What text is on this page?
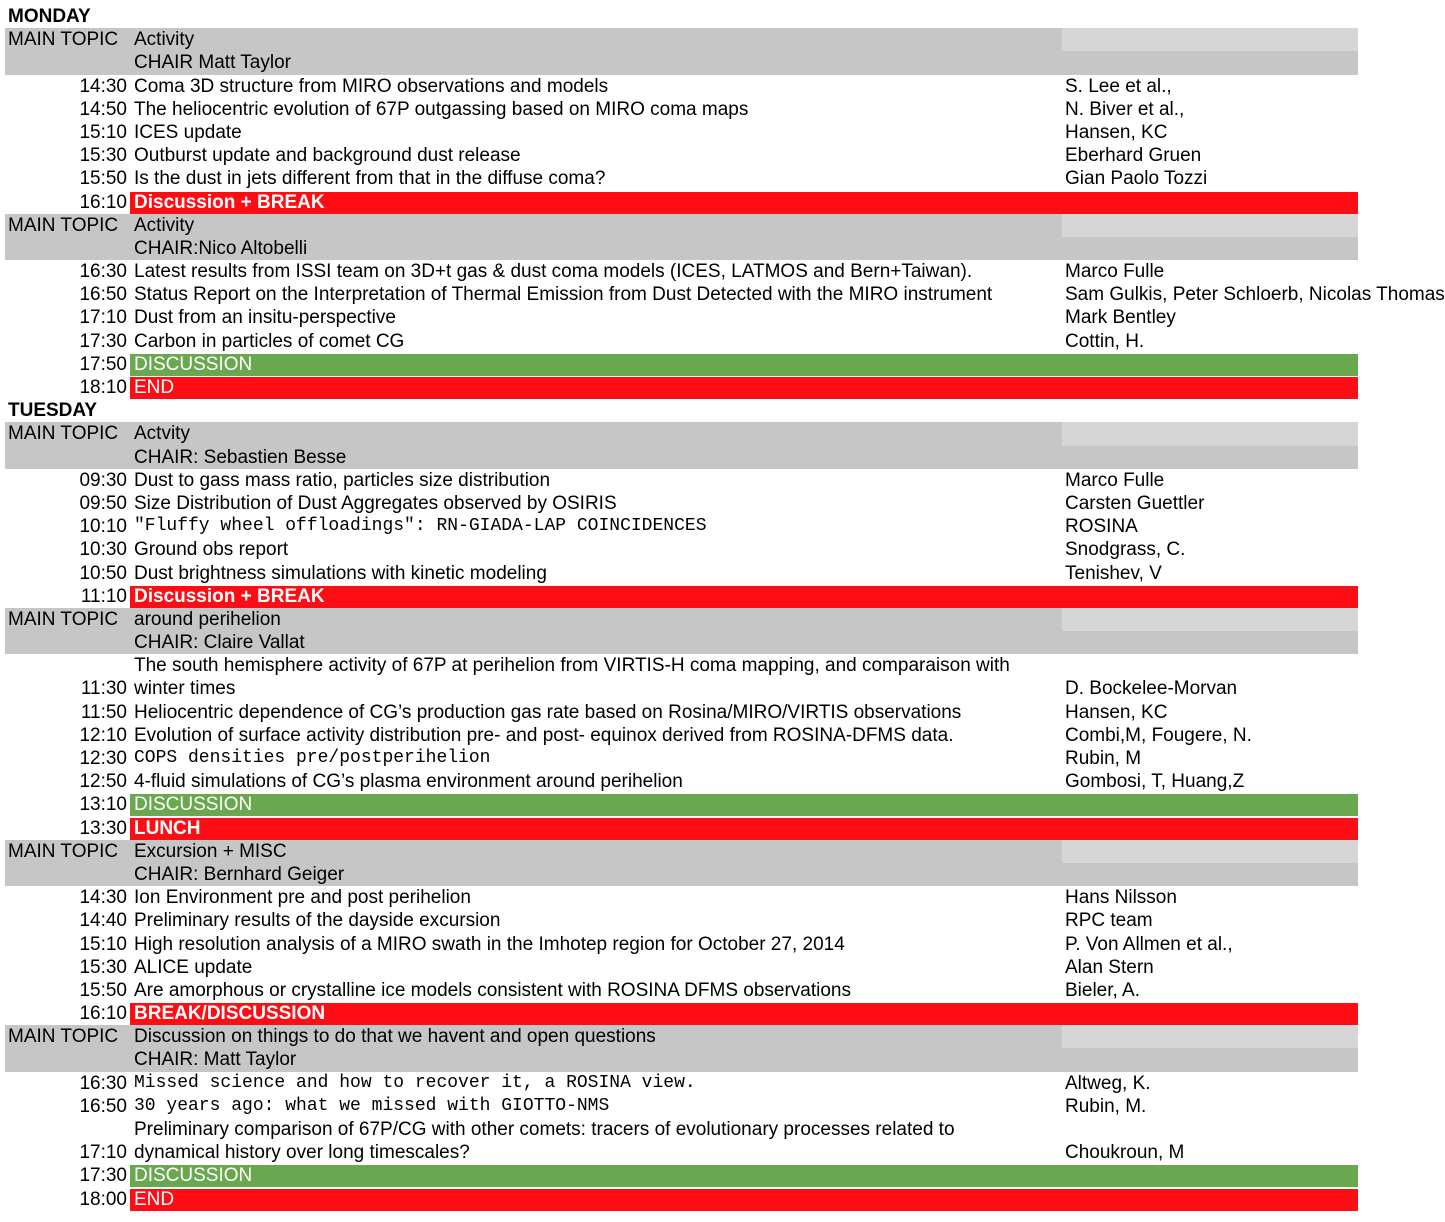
MONDAY
MAIN TOPIC Activity
CHAIR Matt Taylor
14:30 Coma 3D structure from MIRO observations and models	S. Lee et al.,
14:50 The heliocentric evolution of 67P outgassing based on MIRO coma maps	N. Biver et al.,
15:10 ICES update	Hansen, KC
15:30 Outburst update and background dust release	Eberhard Gruen
15:50 Is the dust in jets different from that in the diffuse coma?	Gian Paolo Tozzi
16:10 Discussion + BREAK
MAIN TOPIC Activity
CHAIR:Nico Altobelli
16:30 Latest results from ISSI team on 3D+t gas & dust coma models (ICES, LATMOS and Bern+Taiwan).	Marco Fulle
16:50 Status Report on the Interpretation of Thermal Emission from Dust Detected with the MIRO instrument	Sam Gulkis, Peter Schloerb, Nicolas Thomas
17:10 Dust from an insitu-perspective	Mark Bentley
17:30 Carbon in particles of comet CG	Cottin, H.
17:50 DISCUSSION
18:10 END
TUESDAY
MAIN TOPIC Actvity
CHAIR: Sebastien Besse
09:30 Dust to gass mass ratio, particles size distribution	Marco Fulle
09:50 Size Distribution of Dust Aggregates observed by OSIRIS	Carsten Guettler
10:10 "Fluffy wheel offloadings": RN-GIADA-LAP COINCIDENCES	ROSINA
10:30 Ground obs report	Snodgrass, C.
10:50 Dust brightness simulations with kinetic modeling	Tenishev, V
11:10 Discussion + BREAK
MAIN TOPIC around perihelion
CHAIR: Claire Vallat
The south hemisphere activity of 67P at perihelion from VIRTIS-H coma mapping, and comparaison with
11:30 winter times	D. Bockelee-Morvan
11:50 Heliocentric dependence of CG’s production gas rate based on Rosina/MIRO/VIRTIS observations	Hansen, KC
12:10 Evolution of surface activity distribution pre- and post- equinox derived from ROSINA-DFMS data.	Combi,M, Fougere, N.
12:30 COPS densities pre/postperihelion	Rubin, M
12:50 4-fluid simulations of CG’s plasma environment around perihelion	Gombosi, T, Huang,Z
13:10 DISCUSSION
13:30 LUNCH
MAIN TOPIC Excursion + MISC
CHAIR: Bernhard Geiger
14:30 Ion Environment pre and post perihelion	Hans Nilsson
14:40 Preliminary results of the dayside excursion	RPC team
15:10 High resolution analysis of a MIRO swath in the Imhotep region for October 27, 2014	P. Von Allmen et al.,
15:30 ALICE update	Alan Stern
15:50 Are amorphous or crystalline ice models consistent with ROSINA DFMS observations	Bieler, A.
16:10 BREAK/DISCUSSION
MAIN TOPIC Discussion on things to do that we havent and open questions
CHAIR: Matt Taylor
16:30 Missed science and how to recover it, a ROSINA view.	Altweg, K.
16:50 30 years ago: what we missed with GIOTTO-NMS	Rubin, M.
Preliminary comparison of 67P/CG with other comets: tracers of evolutionary processes related to
17:10 dynamical history over long timescales?	Choukroun, M
17:30 DISCUSSION
18:00 END
